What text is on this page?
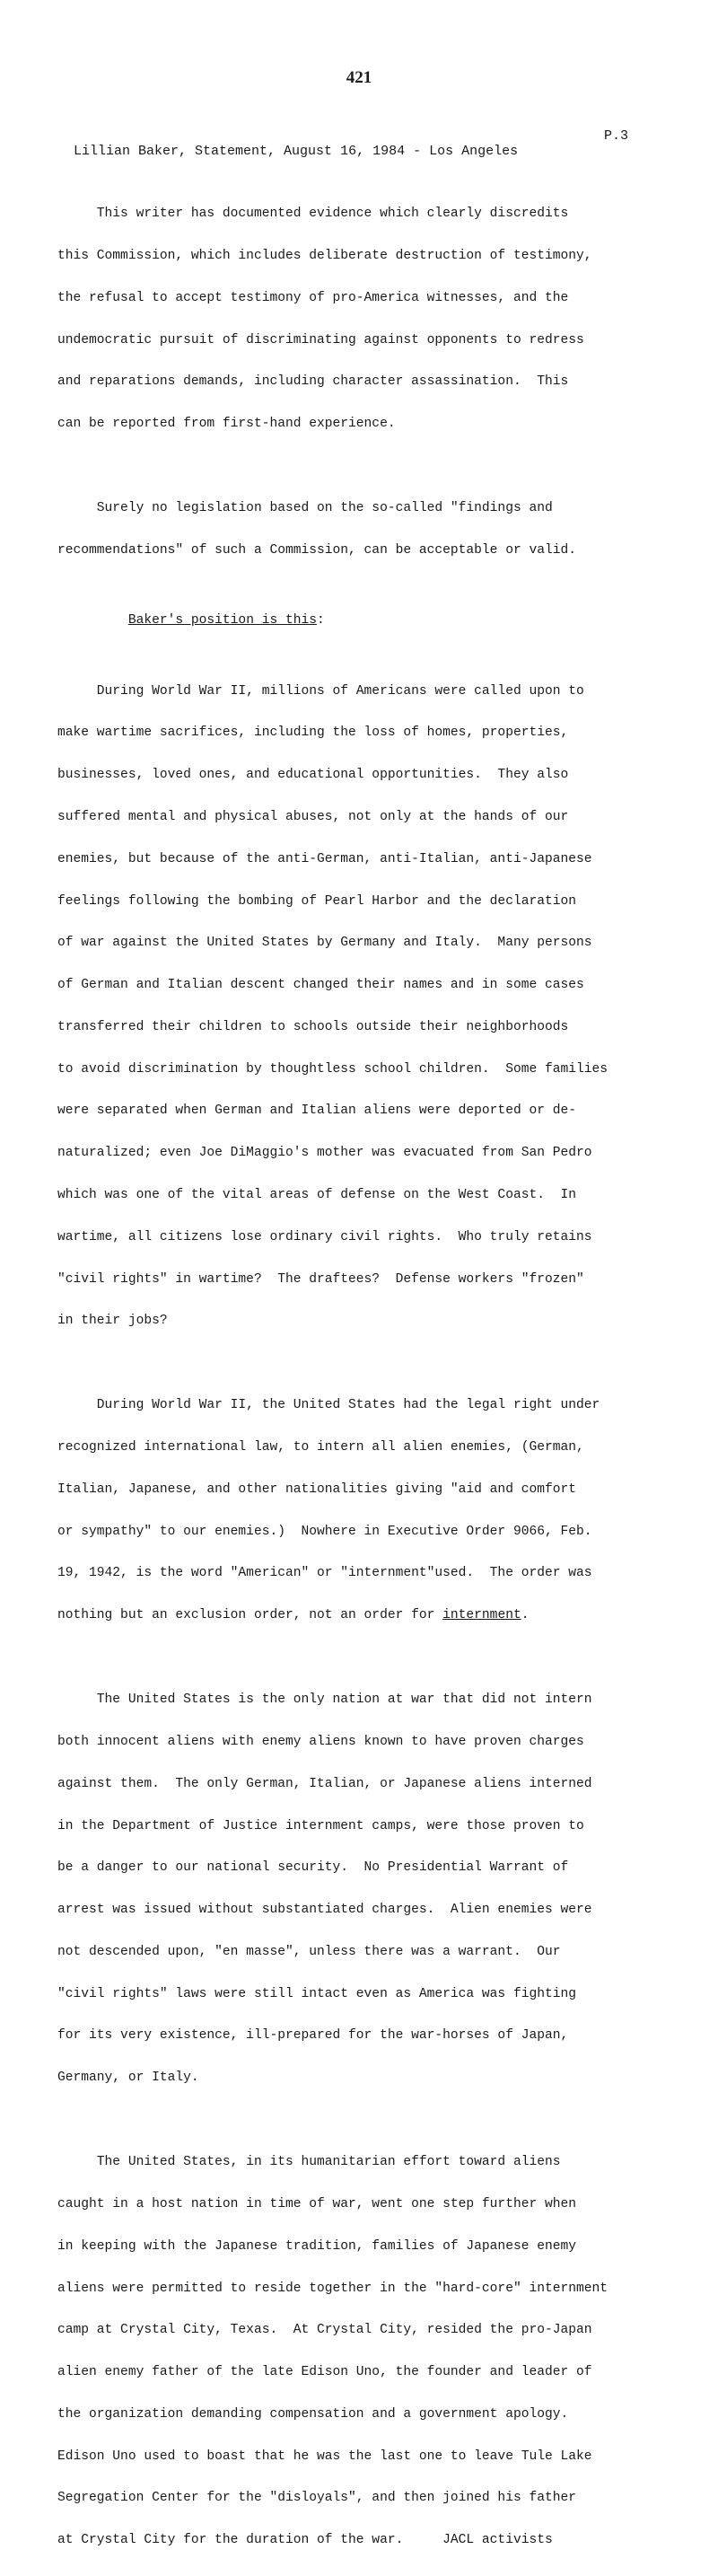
421

Lillian Baker, Statement, August 16, 1984 - Los Angeles

P.3

This writer has documented evidence which clearly discredits

this Commission, which includes deliberate destruction of testimony,

the refusal to accept testimony of pro-America witnesses, and the

undemocratic pursuit of discriminating against opponents to redress

and reparations demands, including character assassination.  This

can be reported from first-hand experience.

Surely no legislation based on the so-called "findings and

recommendations" of such a Commission, can be acceptable or valid.

Baker's position is this:

During World War II, millions of Americans were called upon to

make wartime sacrifices, including the loss of homes, properties,

businesses, loved ones, and educational opportunities.  They also

suffered mental and physical abuses, not only at the hands of our

enemies, but because of the anti-German, anti-Italian, anti-Japanese

feelings following the bombing of Pearl Harbor and the declaration

of war against the United States by Germany and Italy.  Many persons

of German and Italian descent changed their names and in some cases

transferred their children to schools outside their neighborhoods

to avoid discrimination by thoughtless school children.  Some families

were separated when German and Italian aliens were deported or de-

naturalized; even Joe DiMaggio's mother was evacuated from San Pedro

which was one of the vital areas of defense on the West Coast.  In

wartime, all citizens lose ordinary civil rights.  Who truly retains

"civil rights" in wartime?  The draftees?  Defense workers "frozen"

in their jobs?

During World War II, the United States had the legal right under

recognized international law, to intern all alien enemies, (German,

Italian, Japanese, and other nationalities giving "aid and comfort

or sympathy" to our enemies.)  Nowhere in Executive Order 9066, Feb.

19, 1942, is the word "American" or "internment"used.  The order was

nothing but an exclusion order, not an order for internment.

The United States is the only nation at war that did not intern

both innocent aliens with enemy aliens known to have proven charges

against them.  The only German, Italian, or Japanese aliens interned

in the Department of Justice internment camps, were those proven to

be a danger to our national security.  No Presidential Warrant of

arrest was issued without substantiated charges.  Alien enemies were

not descended upon, "en masse", unless there was a warrant.  Our

"civil rights" laws were still intact even as America was fighting

for its very existence, ill-prepared for the war-horses of Japan,

Germany, or Italy.

The United States, in its humanitarian effort toward aliens

caught in a host nation in time of war, went one step further when

in keeping with the Japanese tradition, families of Japanese enemy

aliens were permitted to reside together in the "hard-core" internment

camp at Crystal City, Texas.  At Crystal City, resided the pro-Japan

alien enemy father of the late Edison Uno, the founder and leader of

the organization demanding compensation and a government apology.

Edison Uno used to boast that he was the last one to leave Tule Lake

Segregation Center for the "disloyals", and then joined his father

at Crystal City for the duration of the war.     JACL activists
